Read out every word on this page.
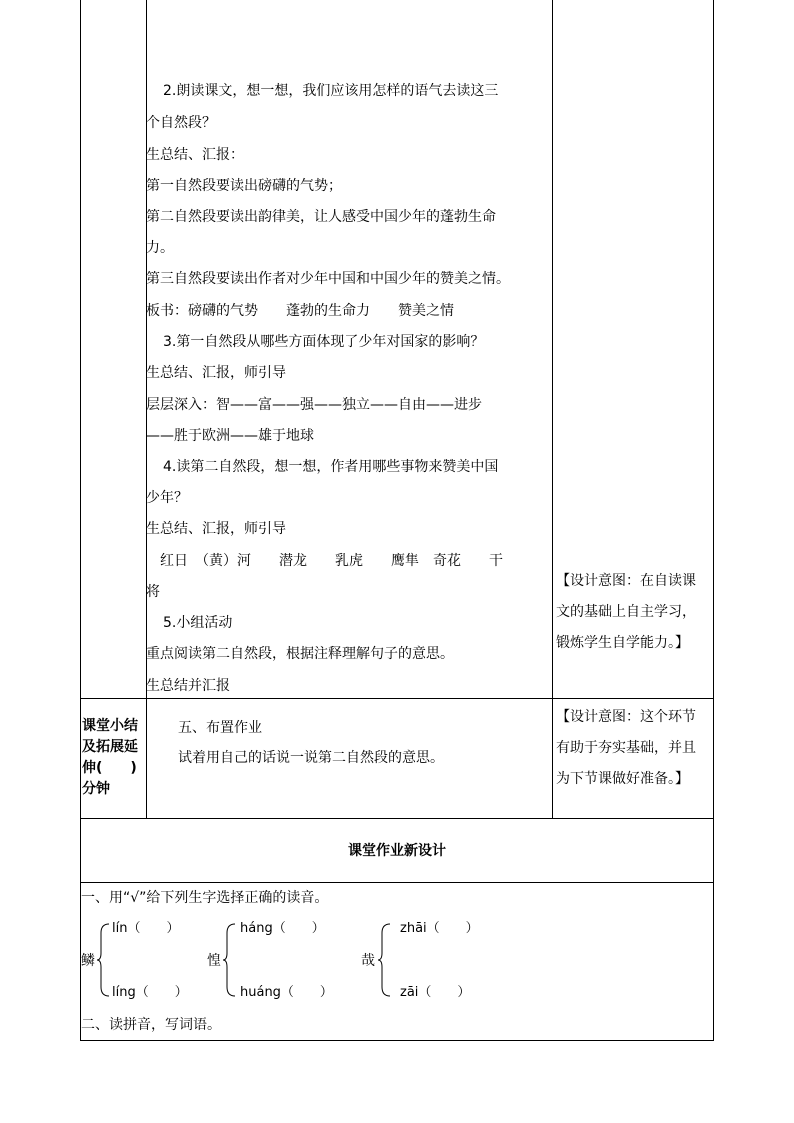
　2.朗读课文，想一想，我们应该用怎样的语气去读这三
个自然段？
生总结、汇报：
第一自然段要读出磅礴的气势；
第二自然段要读出韵律美，让人感受中国少年的蓬勃生命
力。
第三自然段要读出作者对少年中国和中国少年的赞美之情。
板书：磅礴的气势　　蓬勃的生命力　　赞美之情
　3.第一自然段从哪些方面体现了少年对国家的影响？
生总结、汇报，师引导
层层深入：智——富——强——独立——自由——进步
——胜于欧洲——雄于地球
　4.读第二自然段，想一想，作者用哪些事物来赞美中国
少年？
生总结、汇报，师引导
　红日　（黄）河　　潜龙　　乳虎　　鹰隼　奇花　　干
将
　5.小组活动
重点阅读第二自然段，根据注释理解句子的意思。
生总结并汇报
【设计意图：在自读课
文的基础上自主学习，
锻炼学生自学能力。】
课堂小结
及拓展延
伸(　　)
分钟
　五、布置作业
　试着用自己的话说一说第二自然段的意思。
【设计意图：这个环节
有助于夯实基础，并且
为下节课做好准备。】
课堂作业新设计
一、用“√”给下列生字选择正确的读音。
鳞
lín（　　）
líng（　　）
惶
háng（　　）
huáng（　　）
哉
zhāi（　　）
zāi（　　）
二、读拼音，写词语。
